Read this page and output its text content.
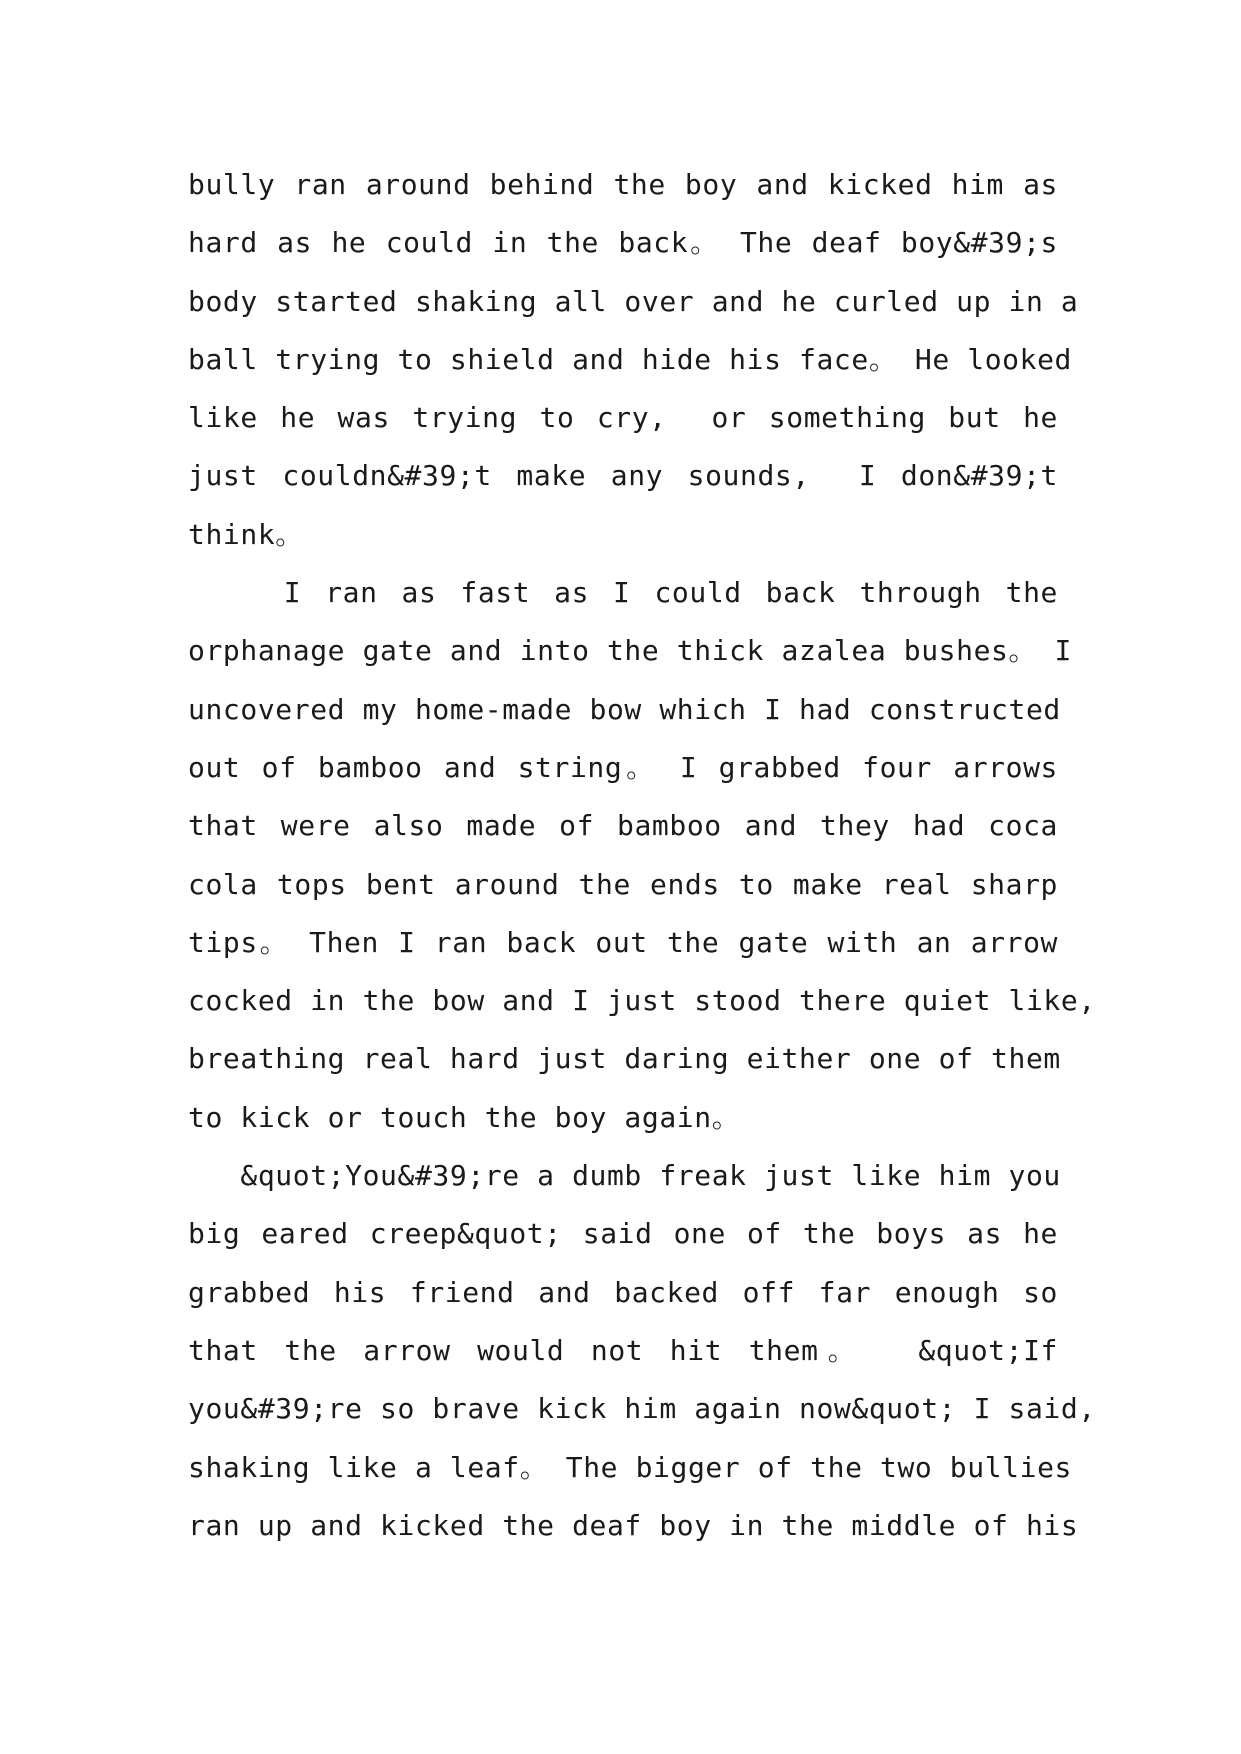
bully ran around behind the boy and kicked him as
hard as he could in the back。 The deaf boy&#39;s
body started shaking all over and he curled up in a
ball trying to shield and hide his face。 He looked
like he was trying to cry,  or something but he
just couldn&#39;t make any sounds,  I don&#39;t
think。
I ran as fast as I could back through the
orphanage gate and into the thick azalea bushes。 I
uncovered my home-made bow which I had constructed
out of bamboo and string。 I grabbed four arrows
that were also made of bamboo and they had coca
cola tops bent around the ends to make real sharp
tips。 Then I ran back out the gate with an arrow
cocked in the bow and I just stood there quiet like,
breathing real hard just daring either one of them
to kick or touch the boy again。
&quot;You&#39;re a dumb freak just like him you
big eared creep&quot; said one of the boys as he
grabbed his friend and backed off far enough so
that the arrow would not hit them。  &quot;If
you&#39;re so brave kick him again now&quot; I said,
shaking like a leaf。 The bigger of the two bullies
ran up and kicked the deaf boy in the middle of his
